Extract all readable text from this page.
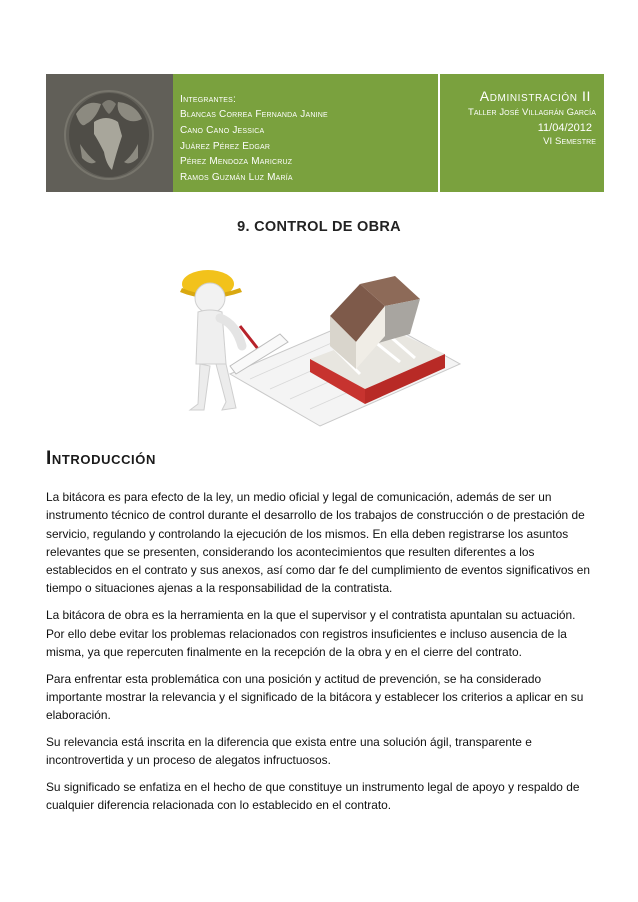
Integrantes:
Blancas Correa Fernanda Janine
Cano Cano Jessica
Juárez Pérez Edgar
Pérez Mendoza Maricruz
Ramos Guzmán Luz María
Administración II
Taller José Villagrán García
11/04/2012
VI Semestre
9. CONTROL DE OBRA
Introducción

La bitácora es para efecto de la ley, un medio oficial y legal de comunicación, además de ser un instrumento técnico de control durante el desarrollo de los trabajos de construcción o de prestación de servicio, regulando y controlando la ejecución de los mismos. En ella deben registrarse los asuntos relevantes que se presenten, considerando los acontecimientos que resulten diferentes a los establecidos en el contrato y sus anexos, así como dar fe del cumplimiento de eventos significativos en tiempo o situaciones ajenas a la responsabilidad de la contratista.

La bitácora de obra es la herramienta en la que el supervisor y el contratista apuntalan su actuación. Por ello debe evitar los problemas relacionados con registros insuficientes e incluso ausencia de la misma, ya que repercuten finalmente en la recepción de la obra y en el cierre del contrato.

Para enfrentar esta problemática con una posición y actitud de prevención, se ha considerado importante mostrar la relevancia y el significado de la bitácora y establecer los criterios a aplicar en su elaboración.

Su relevancia está inscrita en la diferencia que exista entre una solución ágil, transparente e incontrovertida y un proceso de alegatos infructuosos.

Su significado se enfatiza en el hecho de que constituye un instrumento legal de apoyo y respaldo de cualquier diferencia relacionada con lo establecido en el contrato.
